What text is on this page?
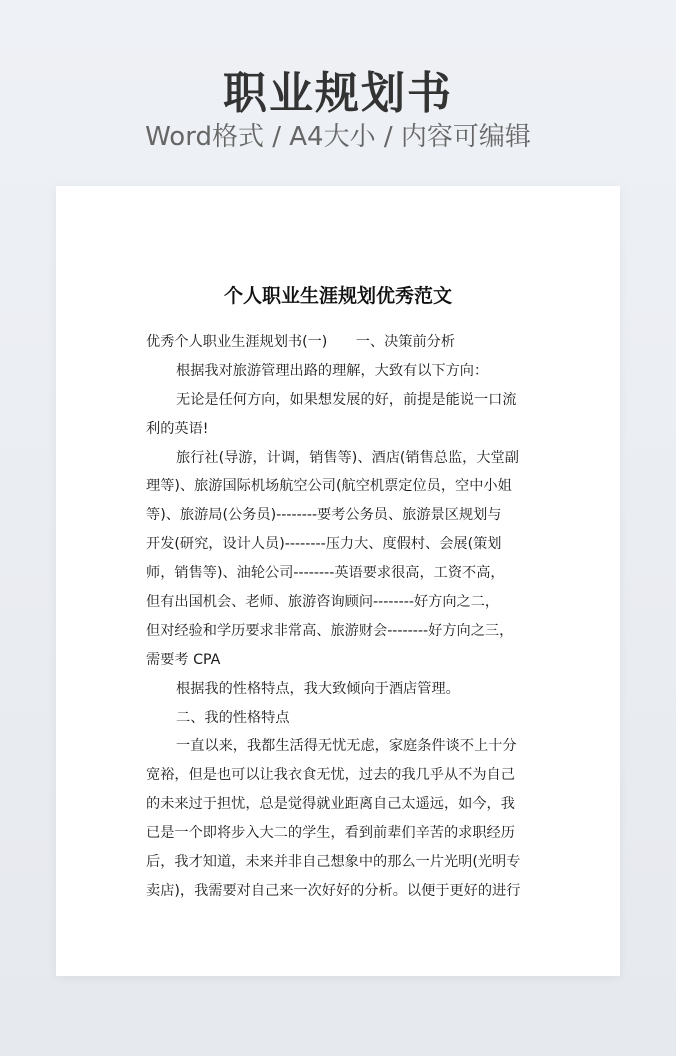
职业规划书
Word格式 / A4大小 / 内容可编辑
个人职业生涯规划优秀范文
优秀个人职业生涯规划书(一)　　一、决策前分析
根据我对旅游管理出路的理解，大致有以下方向：
无论是任何方向，如果想发展的好，前提是能说一口流
利的英语!
旅行社(导游，计调，销售等)、酒店(销售总监，大堂副
理等)、旅游国际机场航空公司(航空机票定位员，空中小姐
等)、旅游局(公务员)--------要考公务员、旅游景区规划与
开发(研究，设计人员)--------压力大、度假村、会展(策划
师，销售等)、油轮公司--------英语要求很高，工资不高，
但有出国机会、老师、旅游咨询顾问--------好方向之二，
但对经验和学历要求非常高、旅游财会--------好方向之三，
需要考 CPA
根据我的性格特点，我大致倾向于酒店管理。
二、我的性格特点
一直以来，我都生活得无忧无虑，家庭条件谈不上十分
宽裕，但是也可以让我衣食无忧，过去的我几乎从不为自己
的未来过于担忧，总是觉得就业距离自己太遥远，如今，我
已是一个即将步入大二的学生，看到前辈们辛苦的求职经历
后，我才知道，未来并非自己想象中的那么一片光明(光明专
卖店)，我需要对自己来一次好好的分析。以便于更好的进行
